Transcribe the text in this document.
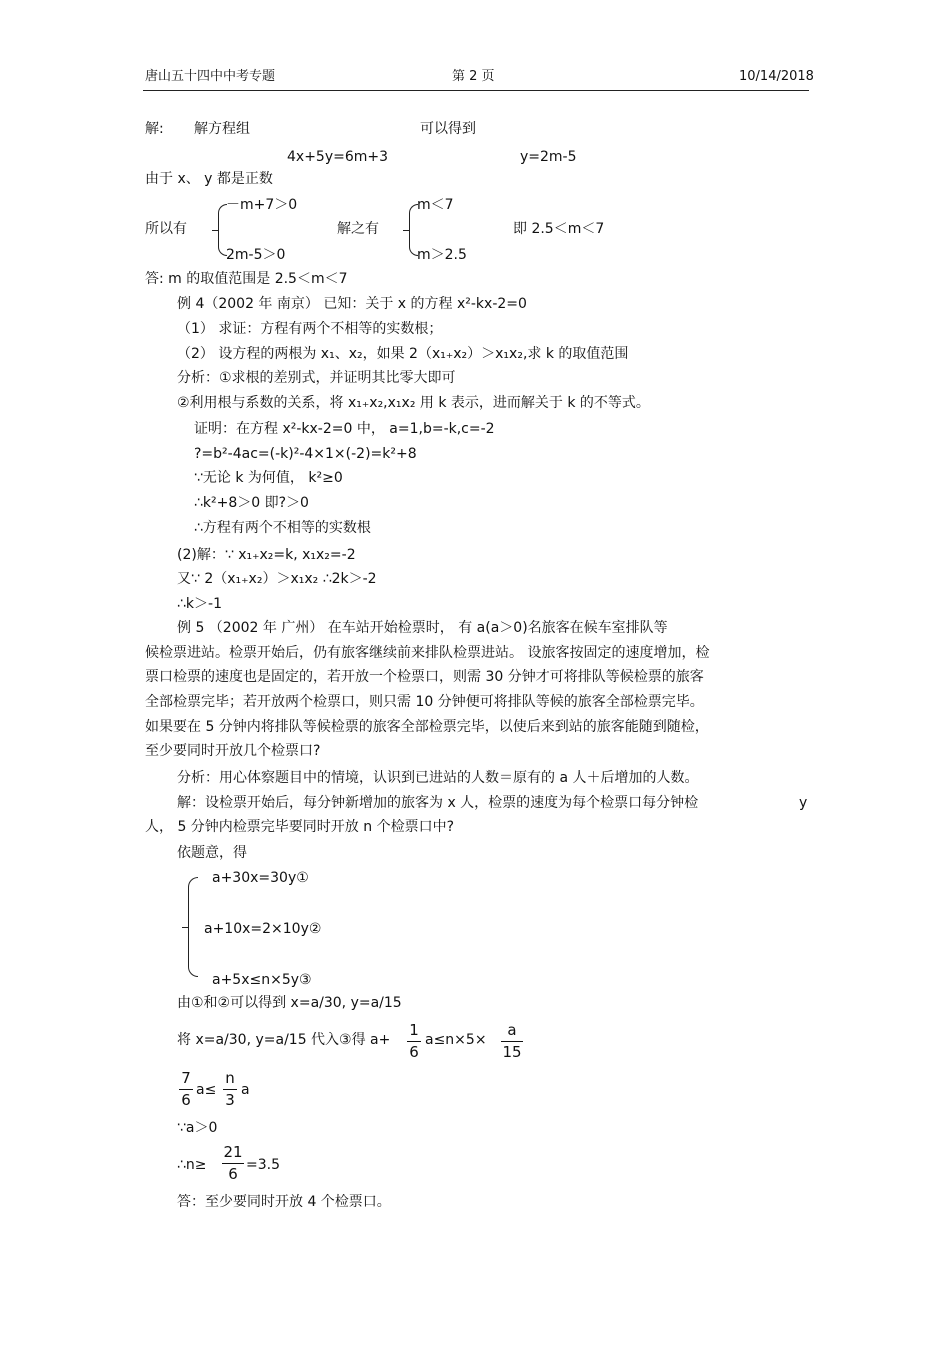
唐山五十四中中考专题	第 2 页	10/14/2018
解: 解方程组	可以得到
4x+5y=6m+3	y=2m-5
由于 x、 y 都是正数
－m+7＞0	m＜7
所以有	解之有	即 2.5＜m＜7
2m-5＞0	m＞2.5
答: m 的取值范围是 2.5＜m＜7
例 4（2002 年 南京） 已知：关于 x 的方程 x²-kx-2=0
（1） 求证：方程有两个不相等的实数根；
（2） 设方程的两根为 x₁、x₂，如果 2（x₁₊x₂）＞x₁x₂,求 k 的取值范围
分析：①求根的差别式，并证明其比零大即可
②利用根与系数的关系，将 x₁₊x₂,x₁x₂ 用 k 表示，进而解关于 k 的不等式。
证明：在方程 x²-kx-2=0 中， a=1,b=-k,c=-2
?=b²-4ac=(-k)²-4×1×(-2)=k²+8
∵无论 k 为何值， k²≥0
∴k²+8＞0 即?＞0
∴方程有两个不相等的实数根
(2)解：∵ x₁₊x₂=k, x₁x₂=-2
又∵ 2（x₁₊x₂）＞x₁x₂ ∴2k＞-2
∴k＞-1
例 5 （2002 年 广州） 在车站开始检票时， 有 a(a＞0)名旅客在候车室排队等
候检票进站。检票开始后，仍有旅客继续前来排队检票进站。 设旅客按固定的速度增加，检
票口检票的速度也是固定的，若开放一个检票口，则需 30 分钟才可将排队等候检票的旅客
全部检票完毕；若开放两个检票口，则只需 10 分钟便可将排队等候的旅客全部检票完毕。
如果要在 5 分钟内将排队等候检票的旅客全部检票完毕，以使后来到站的旅客能随到随检，
至少要同时开放几个检票口?
分析：用心体察题目中的情境，认识到已进站的人数＝原有的 a 人＋后增加的人数。
解：设检票开始后，每分钟新增加的旅客为 x 人，检票的速度为每个检票口每分钟检	y
人， 5 分钟内检票完毕要同时开放 n 个检票口中?
依题意，得
a+30x=30y①
a+10x=2×10y②
a+5x≤n×5y③
由①和②可以得到 x=a/30, y=a/15
将 x=a/30, y=a/15 代入③得 $a+ \frac{1}{6} a\le n\times 5\times \frac{a}{15}$
$\frac{7}{6} a\le \frac{n}{3}$ a
∵a＞0
∴n≥ $\frac{21}{6} =3.5$
答：至少要同时开放 4 个检票口。
